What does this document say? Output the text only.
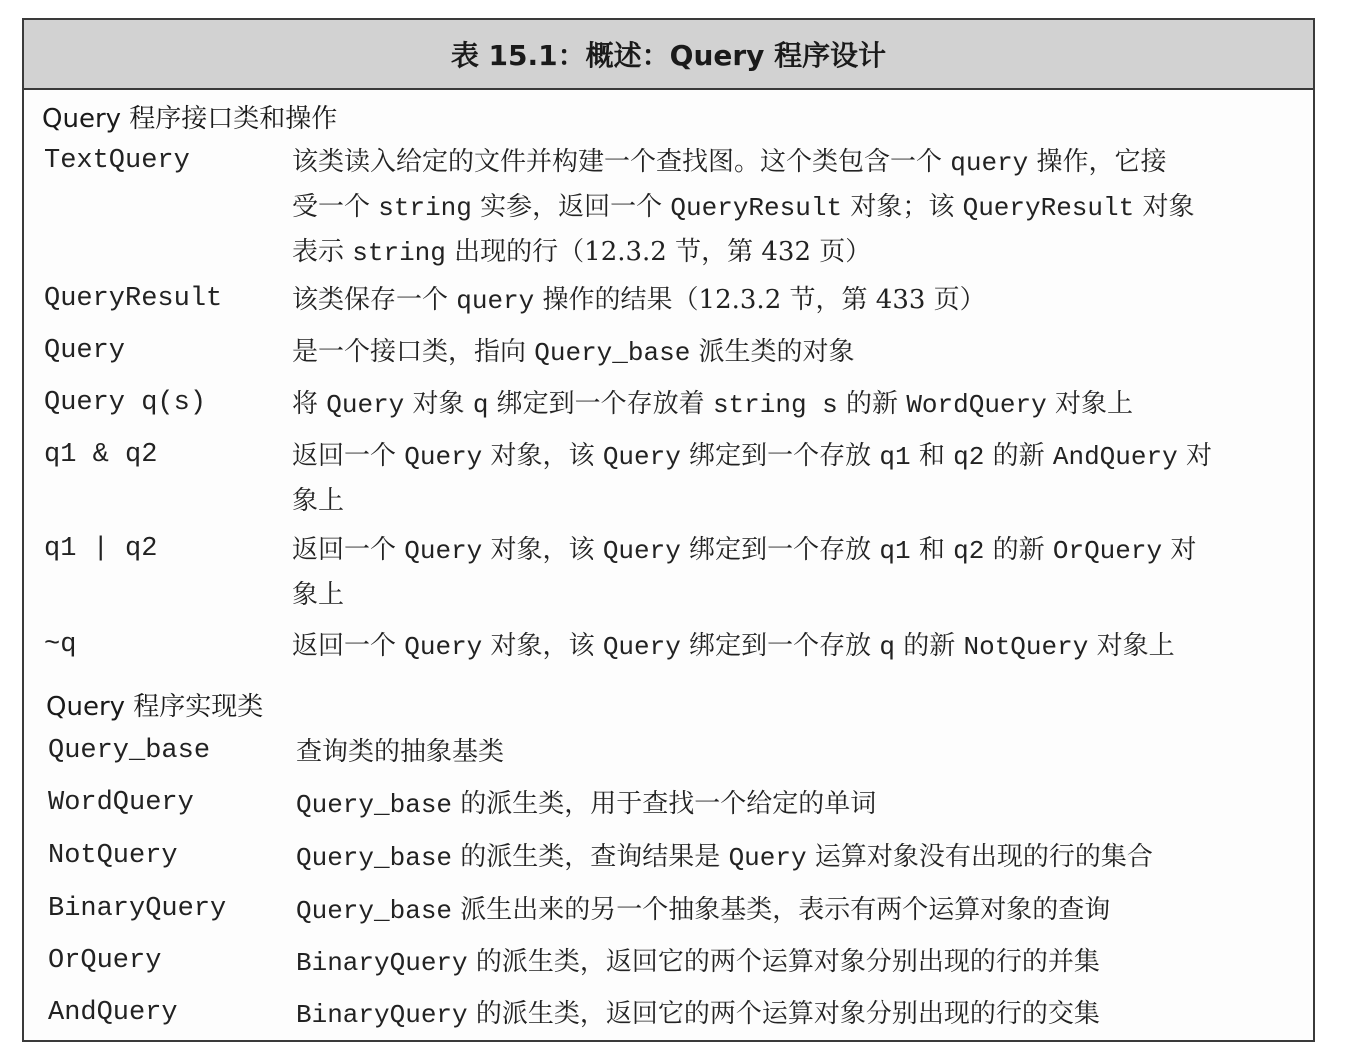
表 15.1：概述：Query 程序设计
Query 程序接口类和操作
TextQuery	该类读入给定的文件并构建一个查找图。这个类包含一个 query 操作，它接
受一个 string 实参，返回一个 QueryResult 对象；该 QueryResult 对象
表示 string 出现的行（12.3.2 节，第 432 页）
QueryResult	该类保存一个 query 操作的结果（12.3.2 节，第 433 页）
Query	是一个接口类，指向 Query_base 派生类的对象
Query q(s)	将 Query 对象 q 绑定到一个存放着 string s 的新 WordQuery 对象上
q1 & q2	返回一个 Query 对象，该 Query 绑定到一个存放 q1 和 q2 的新 AndQuery 对
象上
q1 | q2	返回一个 Query 对象，该 Query 绑定到一个存放 q1 和 q2 的新 OrQuery 对
象上
~q	返回一个 Query 对象，该 Query 绑定到一个存放 q 的新 NotQuery 对象上
Query 程序实现类
Query_base	查询类的抽象基类
WordQuery	Query_base 的派生类，用于查找一个给定的单词
NotQuery	Query_base 的派生类，查询结果是 Query 运算对象没有出现的行的集合
BinaryQuery	Query_base 派生出来的另一个抽象基类，表示有两个运算对象的查询
OrQuery	BinaryQuery 的派生类，返回它的两个运算对象分别出现的行的并集
AndQuery	BinaryQuery 的派生类，返回它的两个运算对象分别出现的行的交集
